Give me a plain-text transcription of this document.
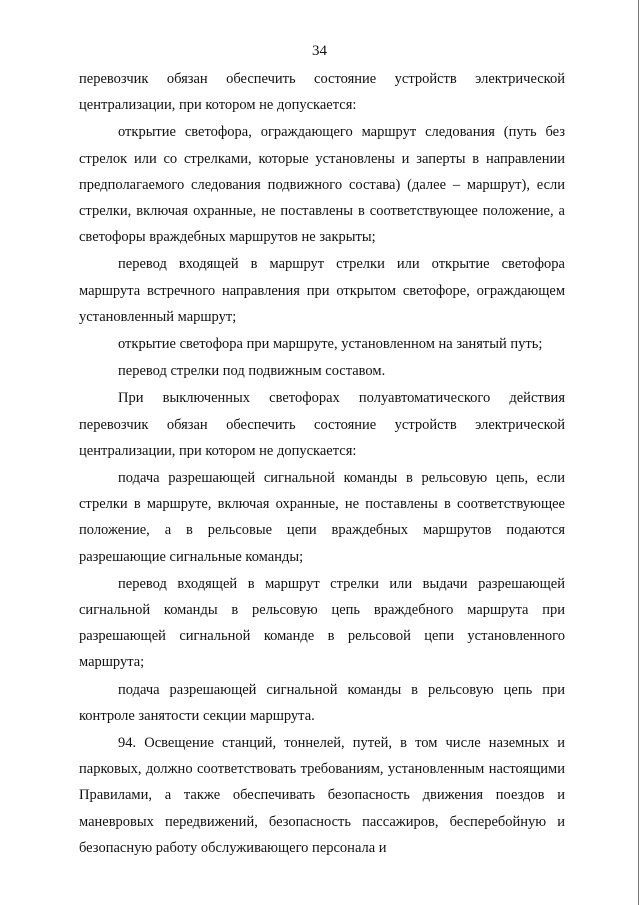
34

перевозчик обязан обеспечить состояние устройств электрической централизации, при котором не допускается:

открытие светофора, ограждающего маршрут следования (путь без стрелок или со стрелками, которые установлены и заперты в направлении предполагаемого следования подвижного состава) (далее – маршрут), если стрелки, включая охранные, не поставлены в соответствующее положение, а светофоры враждебных маршрутов не закрыты;

перевод входящей в маршрут стрелки или открытие светофора маршрута встречного направления при открытом светофоре, ограждающем установленный маршрут;

открытие светофора при маршруте, установленном на занятый путь;

перевод стрелки под подвижным составом.

При выключенных светофорах полуавтоматического действия перевозчик обязан обеспечить состояние устройств электрической централизации, при котором не допускается:

подача разрешающей сигнальной команды в рельсовую цепь, если стрелки в маршруте, включая охранные, не поставлены в соответствующее положение, а в рельсовые цепи враждебных маршрутов подаются разрешающие сигнальные команды;

перевод входящей в маршрут стрелки или выдачи разрешающей сигнальной команды в рельсовую цепь враждебного маршрута при разрешающей сигнальной команде в рельсовой цепи установленного маршрута;

подача разрешающей сигнальной команды в рельсовую цепь при контроле занятости секции маршрута.

94. Освещение станций, тоннелей, путей, в том числе наземных и парковых, должно соответствовать требованиям, установленным настоящими Правилами, а также обеспечивать безопасность движения поездов и маневровых передвижений, безопасность пассажиров, бесперебойную и безопасную работу обслуживающего персонала и
